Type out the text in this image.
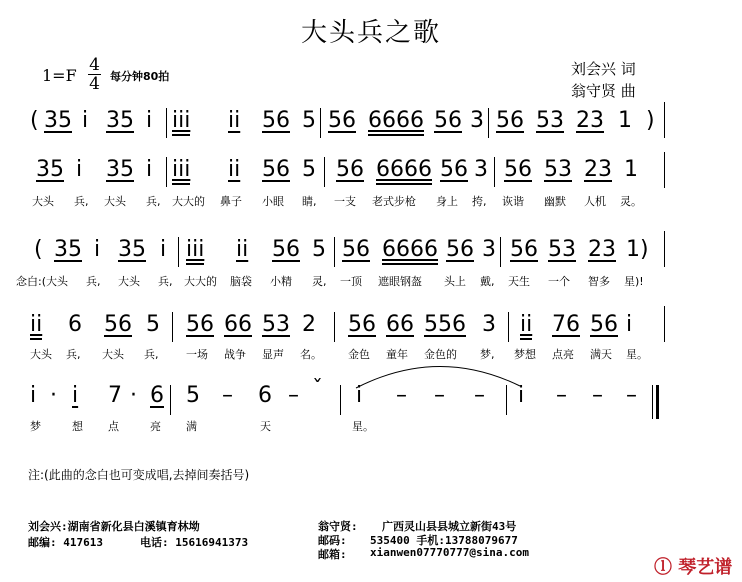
大头兵之歌
1=F
4
4 每分钟80拍	刘会兴 词
翁守贤 曲
( 35 i 35 i iii ii 56 5 56 6666 56 3 56 53 23 1 )
35 i 35 i iii ii 56 5 56 6666 56 3 56 53 23 1
大头 兵, 大头 兵, 大大的 鼻子 小眼 睛, 一支 老式步枪 身上 挎, 诙谐 幽默 人机 灵。
( 35 i 35 i iii ii 56 5 56 6666 56 3 56 53 23 1)
念白:(大头 兵, 大头 兵, 大大的 脑袋 小精 灵, 一顶 遮眼钢盔 头上 戴, 天生 一个 智多 星)!
ii 6 56 5 56 66 53 2 56 66 556 3 ii 76 56 i
大头 兵, 大头 兵,	一场 战争 显声 名。 金色 童年 金色的 梦, 梦想 点亮 满天 星。
i · i 7 · 6 5 – 6 – ˇ i – – – i – – –
梦	想 点	亮 满	天	星。
注:(此曲的念白也可变成唱,去掉间奏括号)
刘会兴:湖南省新化县白溪镇育林坳
邮编: 417613	电话: 15616941373
翁守贤: 广西灵山县县城立新街43号
邮码: 535400 手机:13788079677
邮箱: xianwen07770777@sina.com
ⓛ 琴艺谱
